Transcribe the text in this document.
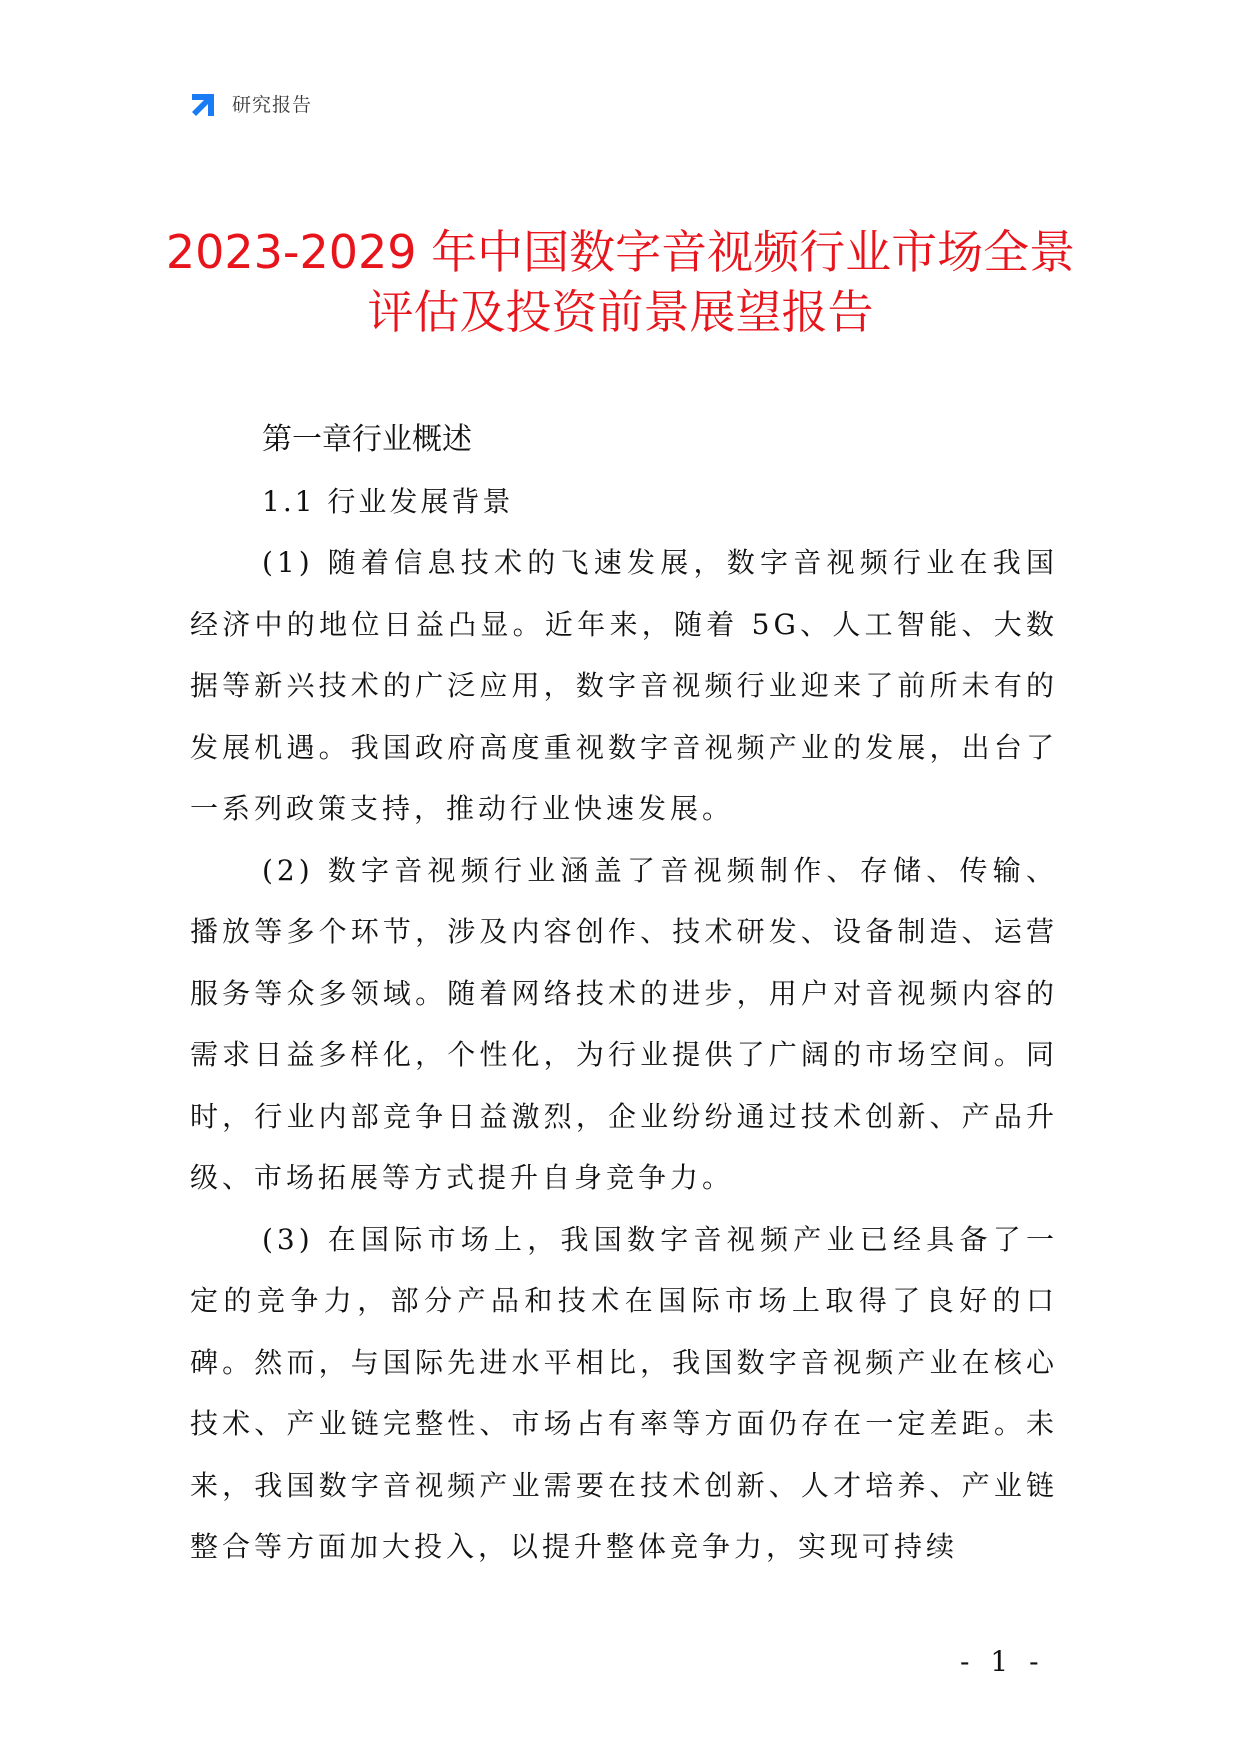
研究报告
2023-2029 年中国数字音视频行业市场全景
评估及投资前景展望报告
第一章行业概述
1.1 行业发展背景

(1) 随着信息技术的飞速发展，数字音视频行业在我国经济中的地位日益凸显。近年来，随着 5G、人工智能、大数据等新兴技术的广泛应用，数字音视频行业迎来了前所未有的发展机遇。我国政府高度重视数字音视频产业的发展，出台了一系列政策支持，推动行业快速发展。

(2) 数字音视频行业涵盖了音视频制作、存储、传输、播放等多个环节，涉及内容创作、技术研发、设备制造、运营服务等众多领域。随着网络技术的进步，用户对音视频内容的需求日益多样化，个性化，为行业提供了广阔的市场空间。同时，行业内部竞争日益激烈，企业纷纷通过技术创新、产品升级、市场拓展等方式提升自身竞争力。

(3) 在国际市场上，我国数字音视频产业已经具备了一定的竞争力，部分产品和技术在国际市场上取得了良好的口碑。然而，与国际先进水平相比，我国数字音视频产业在核心技术、产业链完整性、市场占有率等方面仍存在一定差距。未来，我国数字音视频产业需要在技术创新、人才培养、产业链整合等方面加大投入，以提升整体竞争力，实现可持续

- 1 -
